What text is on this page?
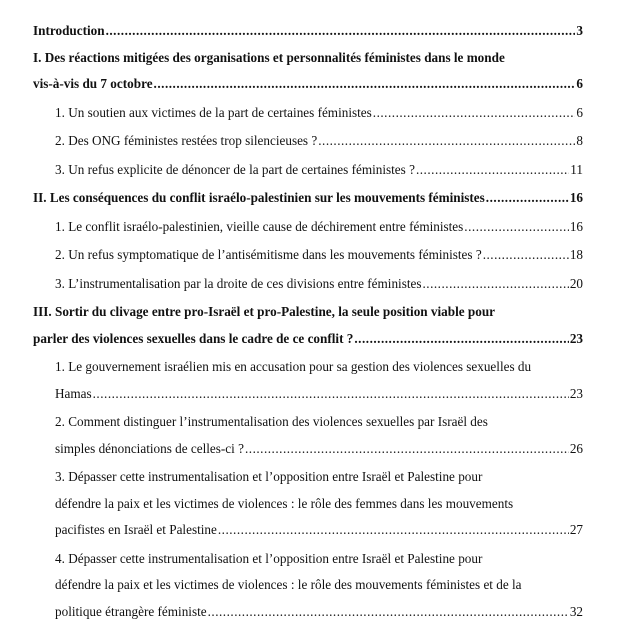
Introduction .....	3
I. Des réactions mitigées des organisations et personnalités féministes dans le monde
vis-à-vis du 7 octobre .....	6
1. Un soutien aux victimes de la part de certaines féministes .....	6
2. Des ONG féministes restées trop silencieuses ? .....	8
3. Un refus explicite de dénoncer de la part de certaines féministes ? .....	11
II. Les conséquences du conflit israélo-palestinien sur les mouvements féministes .....	16
1. Le conflit israélo-palestinien, vieille cause de déchirement entre féministes .....	16
2. Un refus symptomatique de l’antisémitisme dans les mouvements féministes ? .....	18
3. L’instrumentalisation par la droite de ces divisions entre féministes .....	20
III. Sortir du clivage entre pro-Israël et pro-Palestine, la seule position viable pour
parler des violences sexuelles dans le cadre de ce conflit ? .....	23
1. Le gouvernement israélien mis en accusation pour sa gestion des violences sexuelles du
Hamas .....	23
2. Comment distinguer l’instrumentalisation des violences sexuelles par Israël des
simples dénonciations de celles-ci ? .....	26
3. Dépasser cette instrumentalisation et l’opposition entre Israël et Palestine pour
défendre la paix et les victimes de violences : le rôle des femmes dans les mouvements
pacifistes en Israël et Palestine .....	27
4. Dépasser cette instrumentalisation et l’opposition entre Israël et Palestine pour
défendre la paix et les victimes de violences : le rôle des mouvements féministes et de la
politique étrangère féministe .....	32
